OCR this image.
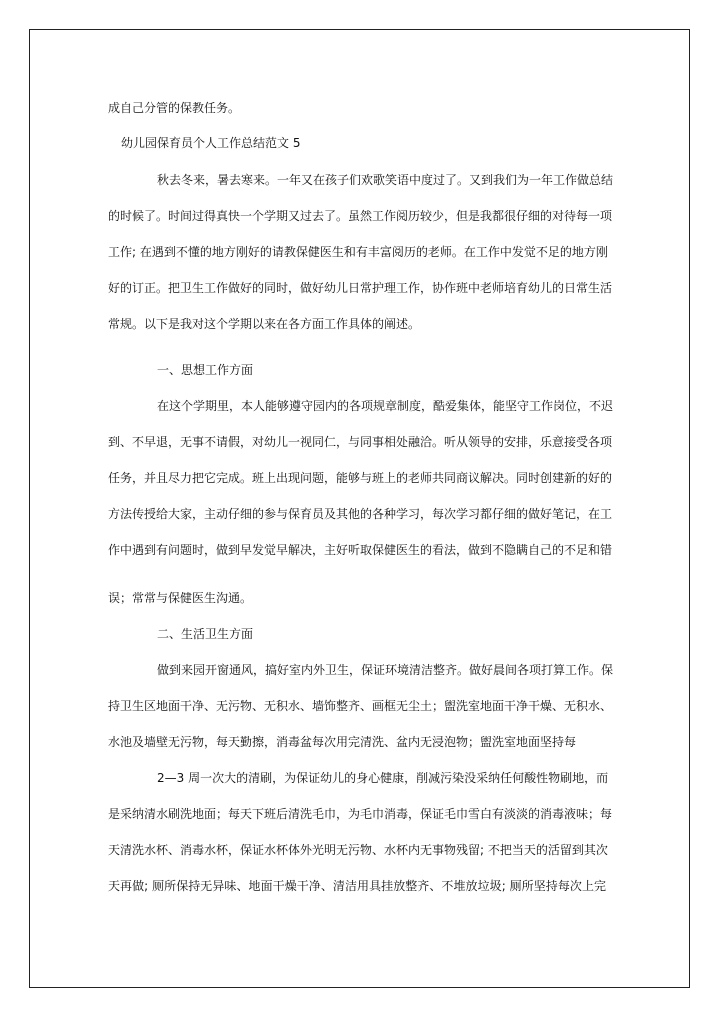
成自己分管的保教任务。
幼儿园保育员个人工作总结范文 5
秋去冬来，暑去寒来。一年又在孩子们欢歌笑语中度过了。又到我们为一年工作做总结
的时候了。时间过得真快一个学期又过去了。虽然工作阅历较少，但是我都很仔细的对待每一项
工作; 在遇到不懂的地方刚好的请教保健医生和有丰富阅历的老师。在工作中发觉不足的地方刚
好的订正。把卫生工作做好的同时，做好幼儿日常护理工作，协作班中老师培育幼儿的日常生活
常规。以下是我对这个学期以来在各方面工作具体的阐述。
一、思想工作方面
在这个学期里，本人能够遵守园内的各项规章制度，酷爱集体，能坚守工作岗位，不迟
到、不早退，无事不请假，对幼儿一视同仁，与同事相处融洽。听从领导的安排，乐意接受各项
任务，并且尽力把它完成。班上出现问题，能够与班上的老师共同商议解决。同时创建新的好的
方法传授给大家，主动仔细的参与保育员及其他的各种学习，每次学习都仔细的做好笔记，在工
作中遇到有问题时，做到早发觉早解决，主好听取保健医生的看法，做到不隐瞒自己的不足和错
误；常常与保健医生沟通。
二、生活卫生方面
做到来园开窗通风，搞好室内外卫生，保证环境清洁整齐。做好晨间各项打算工作。保
持卫生区地面干净、无污物、无积水、墙饰整齐、画框无尘土；盥洗室地面干净干燥、无积水、
水池及墙壁无污物，每天勤擦，消毒盆每次用完清洗、盆内无浸泡物；盥洗室地面坚持每
2—3 周一次大的清刷，为保证幼儿的身心健康，削减污染没采纳任何酸性物刷地，而
是采纳清水刷洗地面；每天下班后清洗毛巾，为毛巾消毒，保证毛巾雪白有淡淡的消毒液味；每
天清洗水杯、消毒水杯，保证水杯体外光明无污物、水杯内无事物残留; 不把当天的活留到其次
天再做; 厕所保持无异味、地面干燥干净、清洁用具挂放整齐、不堆放垃圾; 厕所坚持每次上完
